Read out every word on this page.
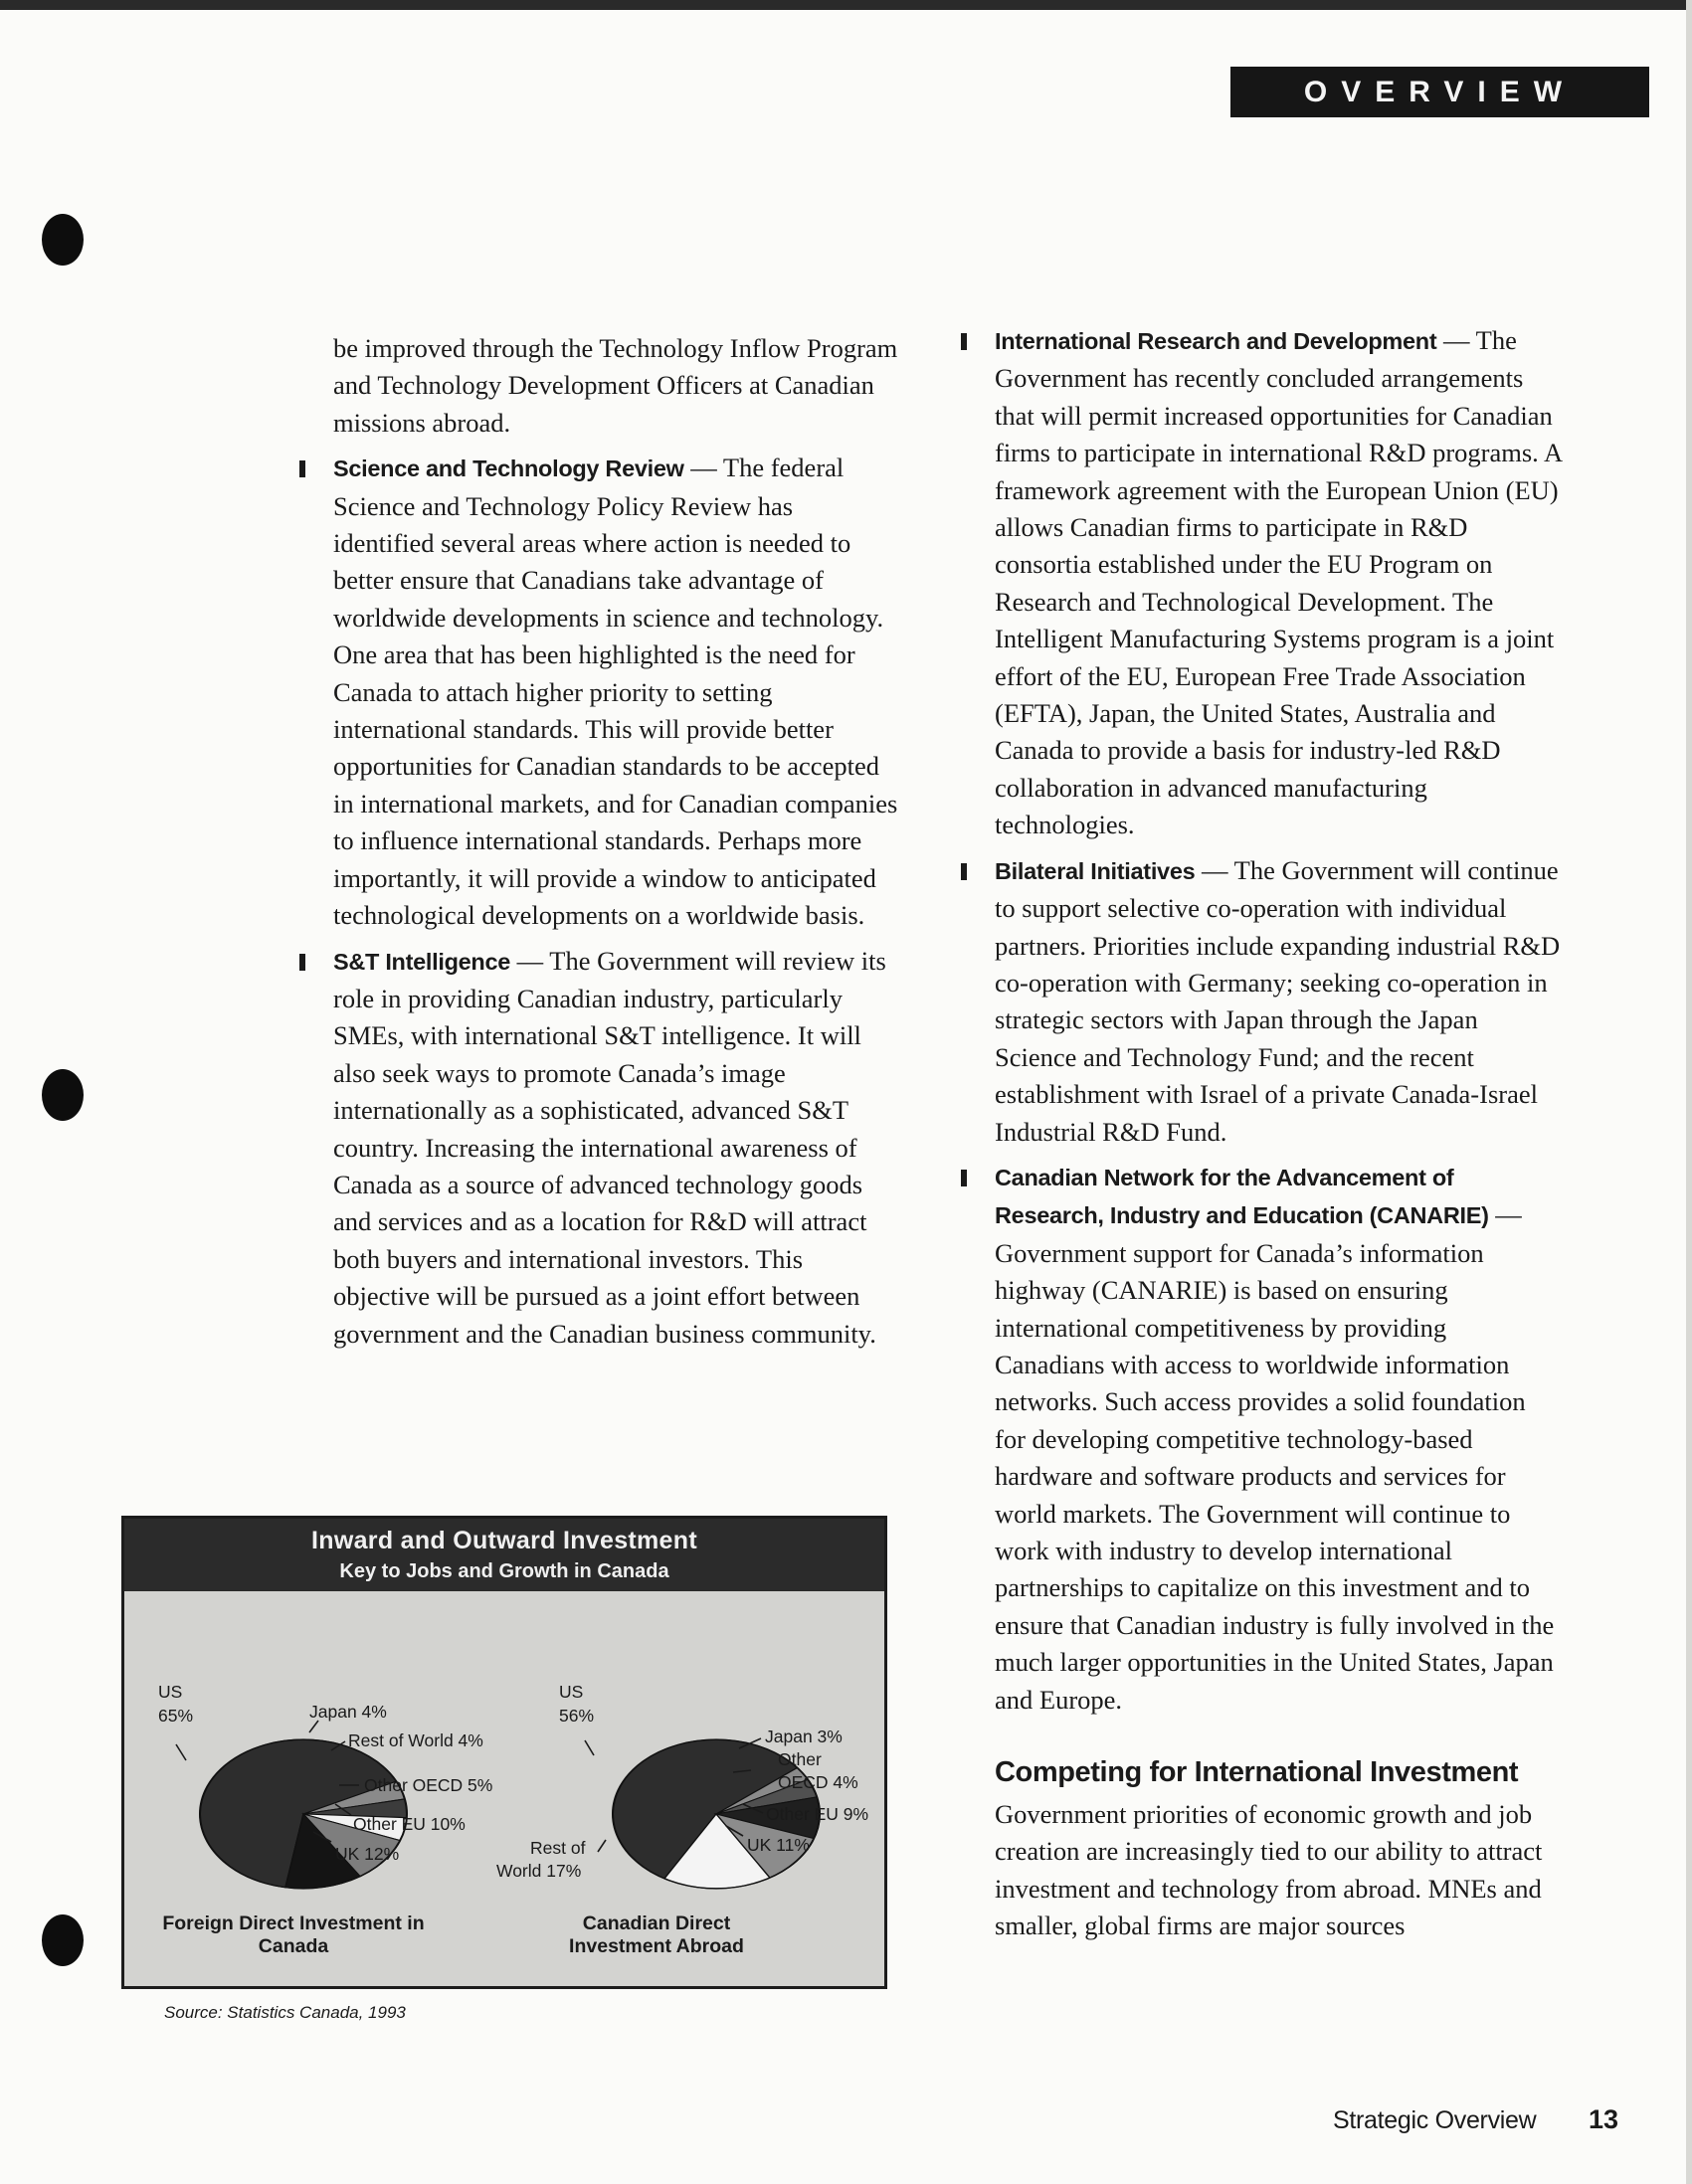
OVERVIEW

be improved through the Technology Inflow Program and Technology Development Officers at Canadian missions abroad.

Science and Technology Review — The federal Science and Technology Policy Review has identified several areas where action is needed to better ensure that Canadians take advantage of worldwide developments in science and technology. One area that has been highlighted is the need for Canada to attach higher priority to setting international standards. This will provide better opportunities for Canadian standards to be accepted in international markets, and for Canadian companies to influence international standards. Perhaps more importantly, it will provide a window to anticipated technological developments on a worldwide basis.
S&T Intelligence — The Government will review its role in providing Canadian industry, particularly SMEs, with international S&T intelligence. It will also seek ways to promote Canada’s image internationally as a sophisticated, advanced S&T country. Increasing the international awareness of Canada as a source of advanced technology goods and services and as a location for R&D will attract both buyers and international investors. This objective will be pursued as a joint effort between government and the Canadian business community.
International Research and Development — The Government has recently concluded arrangements that will permit increased opportunities for Canadian firms to participate in international R&D programs. A framework agreement with the European Union (EU) allows Canadian firms to participate in R&D consortia established under the EU Program on Research and Technological Development. The Intelligent Manufacturing Systems program is a joint effort of the EU, European Free Trade Association (EFTA), Japan, the United States, Australia and Canada to provide a basis for industry-led R&D collaboration in advanced manufacturing technologies.
Bilateral Initiatives — The Government will continue to support selective co-operation with individual partners. Priorities include expanding industrial R&D co-operation with Germany; seeking co-operation in strategic sectors with Japan through the Japan Science and Technology Fund; and the recent establishment with Israel of a private Canada-Israel Industrial R&D Fund.
Canadian Network for the Advancement of Research, Industry and Education (CANARIE) — Government support for Canada’s information highway (CANARIE) is based on ensuring international competitiveness by providing Canadians with access to worldwide information networks. Such access provides a solid foundation for developing competitive technology-based hardware and software products and services for world markets. The Government will continue to work with industry to develop international partnerships to capitalize on this investment and to ensure that Canadian industry is fully involved in the much larger opportunities in the United States, Japan and Europe.
Competing for International Investment

Government priorities of economic growth and job creation are increasingly tied to our ability to attract investment and technology from abroad. MNEs and smaller, global firms are major sources

Inward and Outward Investment
Key to Jobs and Growth in Canada
US
65%	Japan 4%
Rest of World 4%
Other OECD 5%
Other EU 10%
UK 12%
US
56%
Japan 3%
Other
OECD 4%
Other EU 9%
UK 11%
Rest of
World 17%
Foreign Direct Investment in Canada
Canadian Direct Investment Abroad
Source: Statistics Canada, 1993
Strategic Overview 13
